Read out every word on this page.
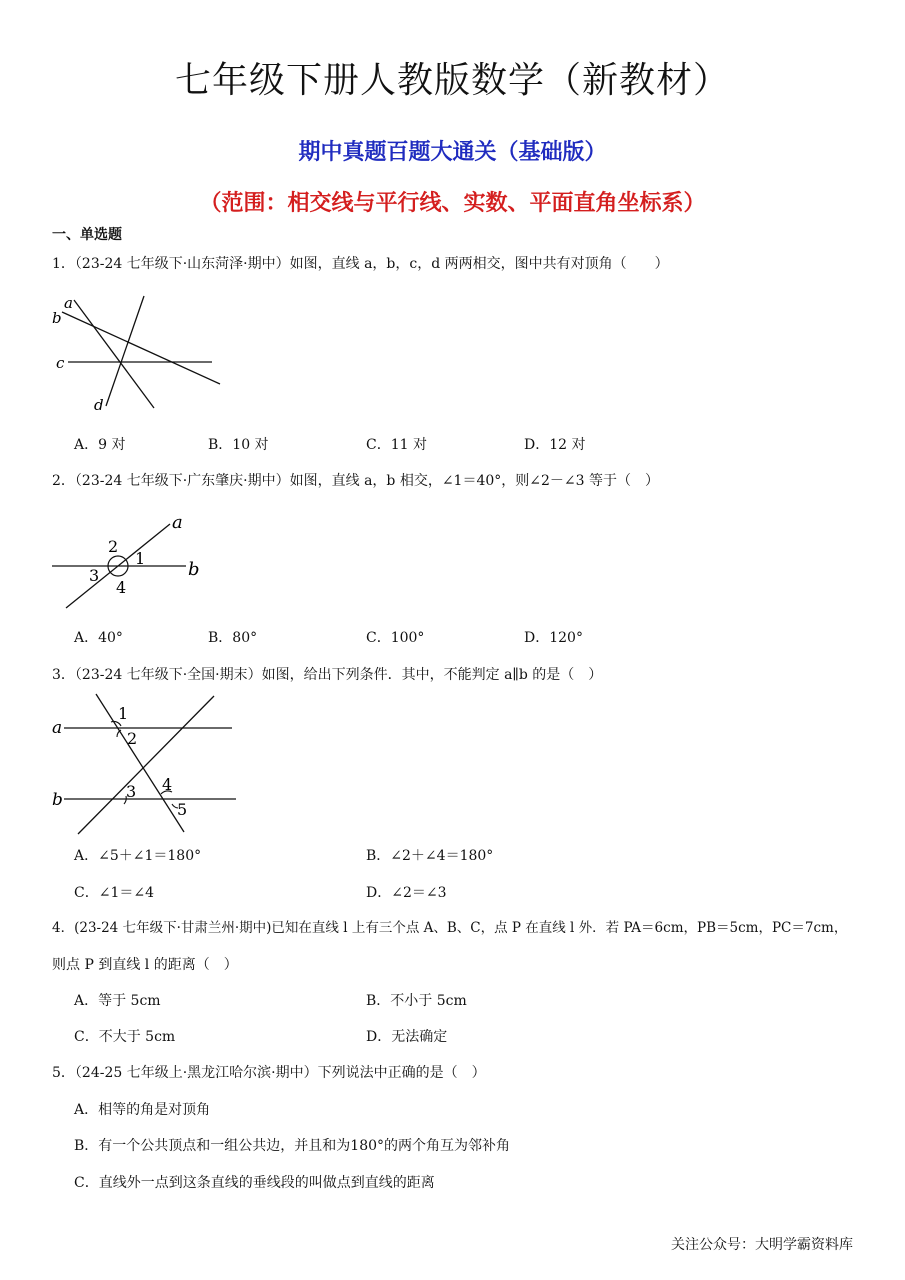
七年级下册人教版数学（新教材）
期中真题百题大通关（基础版）
（范围：相交线与平行线、实数、平面直角坐标系）
一、单选题
1．（23-24 七年级下·山东菏泽·期中）如图，直线 a，b，c，d 两两相交，图中共有对顶角（　　）
a
b
c
d
A．9 对	B．10 对	C．11 对	D．12 对
2．（23-24 七年级下·广东肇庆·期中）如图，直线 a，b 相交，∠1＝40°，则∠2－∠3 等于（　）
a
b
1
2
3
4
A．40°	B．80°	C．100°	D．120°
3．（23-24 七年级下·全国·期末）如图，给出下列条件．其中，不能判定 a∥b 的是（　）
a
b
1
2
3 4
5
A．∠5＋∠1＝180°	B．∠2＋∠4＝180°
C．∠1＝∠4	D．∠2＝∠3
4．(23-24 七年级下·甘肃兰州·期中)已知在直线 l 上有三个点 A、B、C，点 P 在直线 l 外．若 PA＝6cm，PB＝5cm，PC＝7cm，
则点 P 到直线 l 的距离（　）
A．等于 5cm	B．不小于 5cm
C．不大于 5cm	D．无法确定
5．（24-25 七年级上·黑龙江哈尔滨·期中）下列说法中正确的是（　）
A．相等的角是对顶角
B．有一个公共顶点和一组公共边，并且和为180°的两个角互为邻补角
C．直线外一点到这条直线的垂线段的叫做点到直线的距离
关注公众号：大明学霸资料库
